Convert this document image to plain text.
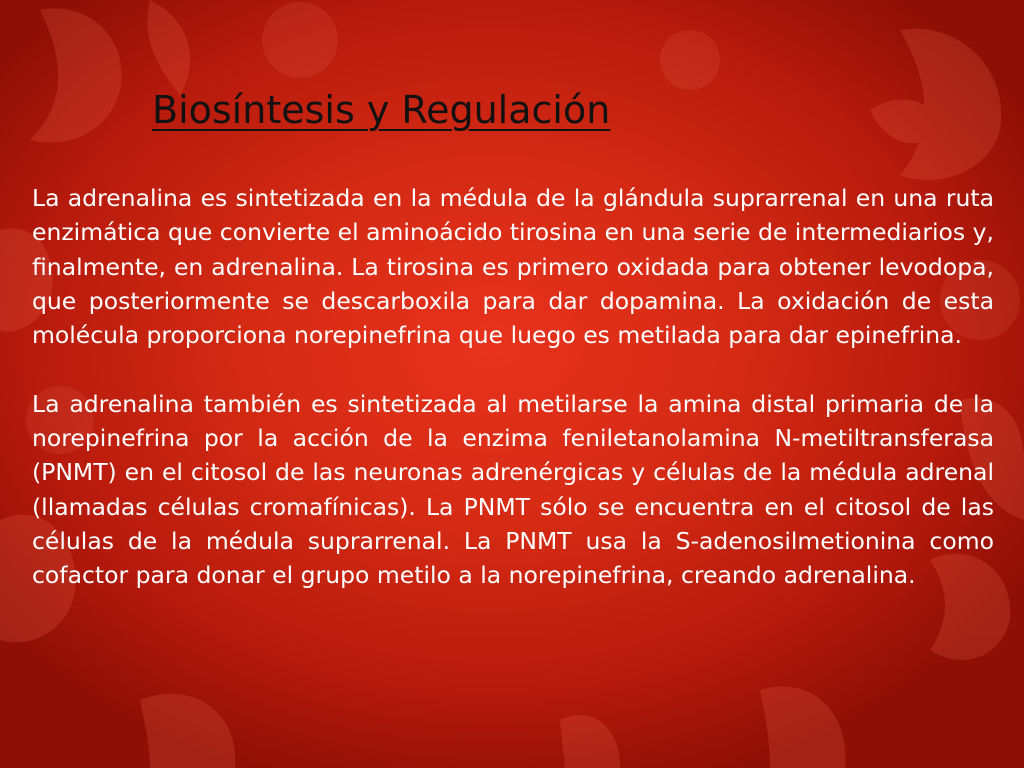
Biosíntesis y Regulación

La adrenalina es sintetizada en la médula de la glándula suprarrenal en una ruta enzimática que convierte el aminoácido tirosina en una serie de intermediarios y, finalmente, en adrenalina. La tirosina es primero oxidada para obtener levodopa, que posteriormente se descarboxila para dar dopamina. La oxidación de esta molécula proporciona norepinefrina que luego es metilada para dar epinefrina.

La adrenalina también es sintetizada al metilarse la amina distal primaria de la norepinefrina por la acción de la enzima feniletanolamina N-metiltransferasa (PNMT) en el citosol de las neuronas adrenérgicas y células de la médula adrenal (llamadas células cromafínicas). La PNMT sólo se encuentra en el citosol de las células de la médula suprarrenal. La PNMT usa la S-adenosilmetionina como cofactor para donar el grupo metilo a la norepinefrina, creando adrenalina.
